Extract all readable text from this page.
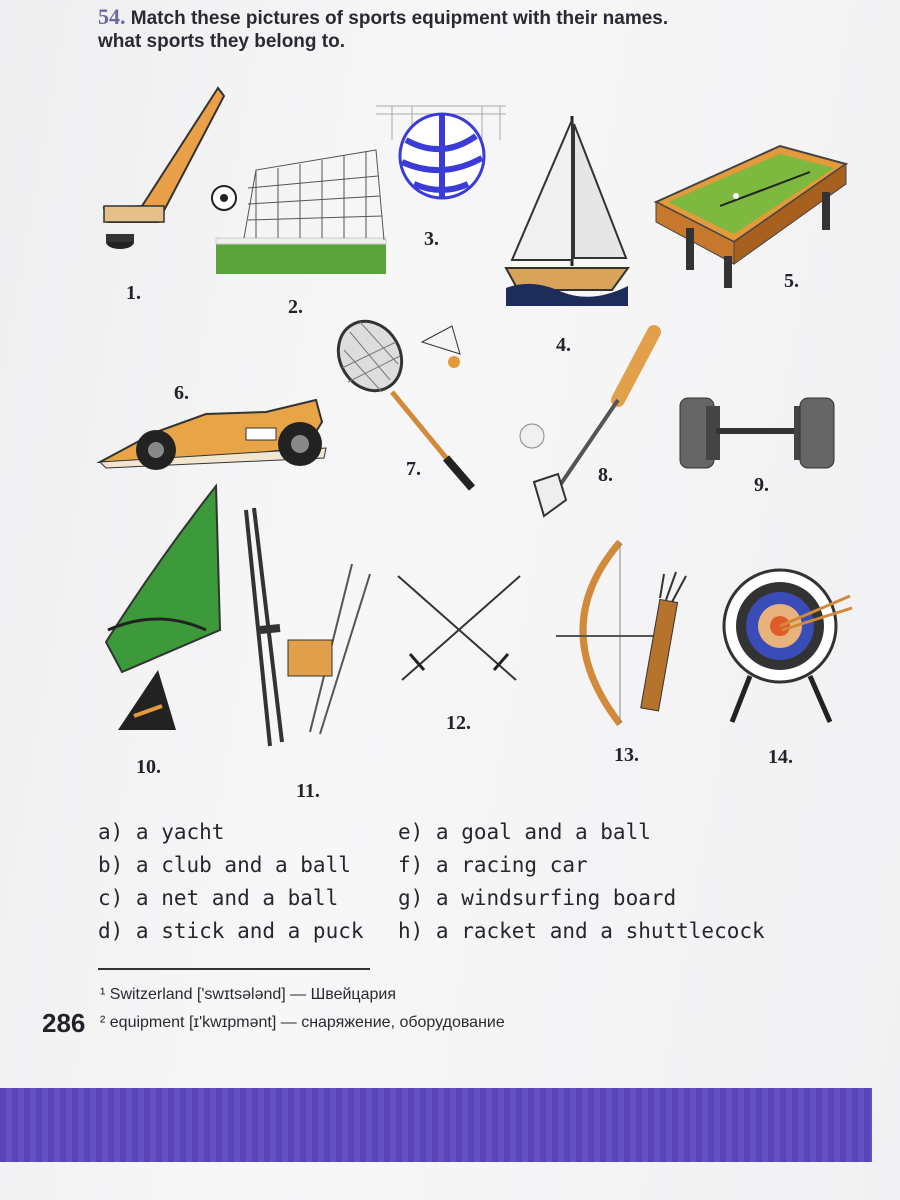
54. Match these pictures of sports equipment with their names.
what sports they belong to.
1.
2.
3.
4.
5.
6.
7.	8.	9.
10.
11.
12.
13.	14.
a) a yacht
b) a club and a ball
c) a net and a ball
d) a stick and a puck
e) a goal and a ball
f) a racing car
g) a windsurfing board
h) a racket and a shuttlecock
¹ Switzerland ['swɪtsələnd] — Швейцария
² equipment [ɪ'kwɪpmənt] — снаряжение, оборудование
286
